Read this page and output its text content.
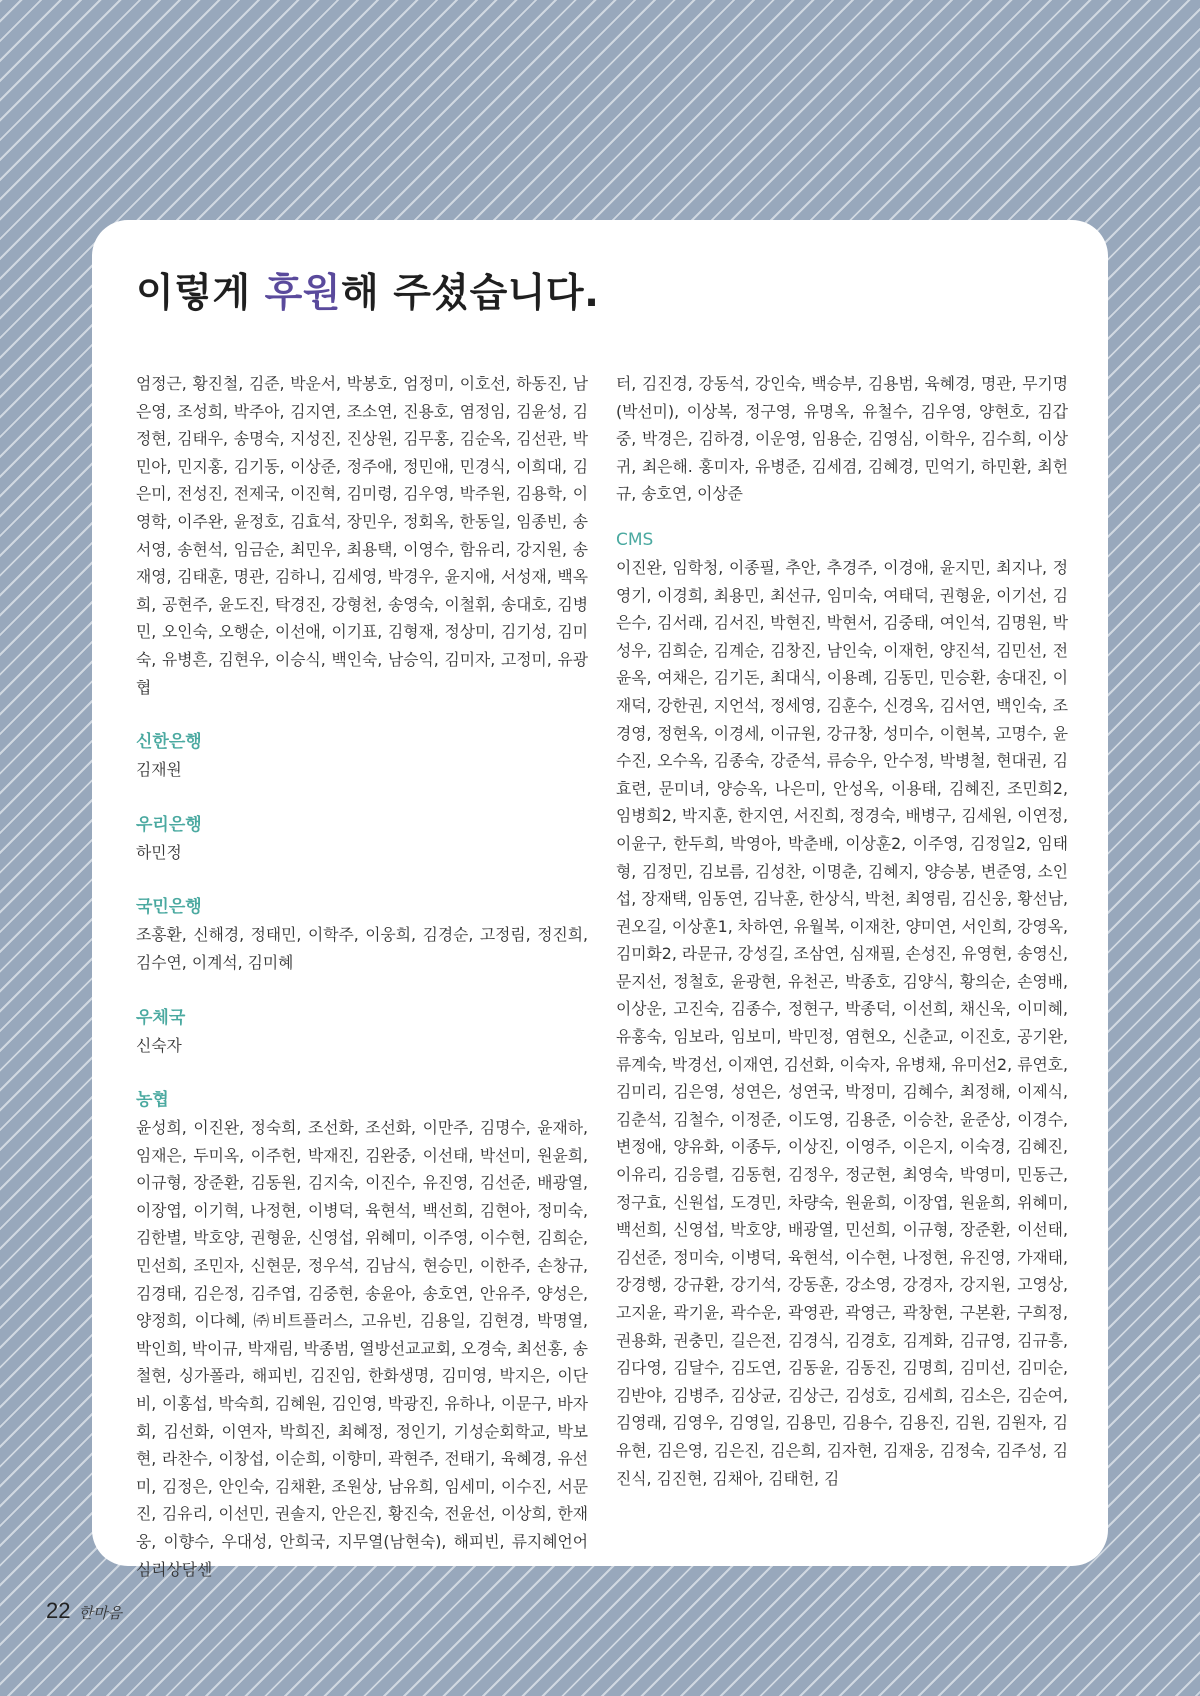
이렇게 후원해 주셨습니다.

엄정근, 황진철, 김준, 박운서, 박봉호, 엄정미, 이호선, 하동진, 남은영, 조성희, 박주아, 김지연, 조소연, 진용호, 염정임, 김윤성, 김정현, 김태우, 송명숙, 지성진, 진상원, 김무홍, 김순옥, 김선관, 박민아, 민지홍, 김기동, 이상준, 정주애, 정민애, 민경식, 이희대, 김은미, 전성진, 전제국, 이진혁, 김미령, 김우영, 박주원, 김용학, 이영학, 이주완, 윤정호, 김효석, 장민우, 정회옥, 한동일, 임종빈, 송서영, 송현석, 임금순, 최민우, 최용택, 이영수, 함유리, 강지원, 송재영, 김태훈, 명관, 김하니, 김세영, 박경우, 윤지애, 서성재, 백옥희, 공현주, 윤도진, 탁경진, 강형천, 송영숙, 이철휘, 송대호, 김병민, 오인숙, 오행순, 이선애, 이기표, 김형재, 정상미, 김기성, 김미숙, 유병흔, 김현우, 이승식, 백인숙, 남승익, 김미자, 고정미, 유광협

신한은행

김재원

우리은행

하민정

국민은행

조홍환, 신해경, 정태민, 이학주, 이웅희, 김경순, 고정림, 정진희, 김수연, 이계석, 김미혜

우체국

신숙자

농협

윤성희, 이진완, 정숙희, 조선화, 조선화, 이만주, 김명수, 윤재하, 임재은, 두미옥, 이주헌, 박재진, 김완중, 이선태, 박선미, 원윤희, 이규형, 장준환, 김동원, 김지숙, 이진수, 유진영, 김선준, 배광열, 이장엽, 이기혁, 나정현, 이병덕, 육현석, 백선희, 김현아, 정미숙, 김한별, 박호양, 권형윤, 신영섭, 위혜미, 이주영, 이수현, 김희순, 민선희, 조민자, 신현문, 정우석, 김남식, 현승민, 이한주, 손창규, 김경태, 김은정, 김주엽, 김중현, 송윤아, 송호연, 안유주, 양성은, 양정희, 이다혜, ㈜비트플러스, 고유빈, 김용일, 김현경, 박명열, 박인희, 박이규, 박재림, 박종범, 열방선교교회, 오경숙, 최선홍, 송철현, 싱가폴라, 해피빈, 김진임, 한화생명, 김미영, 박지은, 이단비, 이홍섭, 박숙희, 김혜원, 김인영, 박광진, 유하나, 이문구, 바자회, 김선화, 이연자, 박희진, 최혜정, 정인기, 기성순회학교, 박보현, 라찬수, 이창섭, 이순희, 이향미, 곽현주, 전태기, 육혜경, 유선미, 김정은, 안인숙, 김채환, 조원상, 남유희, 임세미, 이수진, 서문진, 김유리, 이선민, 권솔지, 안은진, 황진숙, 전윤선, 이상희, 한재웅, 이향수, 우대성, 안희국, 지무열(남현숙), 해피빈, 류지혜언어심리상담센

터, 김진경, 강동석, 강인숙, 백승부, 김용범, 육혜경, 명관, 무기명(박선미), 이상복, 정구영, 유명옥, 유철수, 김우영, 양현호, 김갑중, 박경은, 김하경, 이운영, 임용순, 김영심, 이학우, 김수희, 이상귀, 최은해. 홍미자, 유병준, 김세겸, 김혜경, 민억기, 하민환, 최헌규, 송호연, 이상준

CMS

이진완, 임학청, 이종필, 추안, 추경주, 이경애, 윤지민, 최지나, 정영기, 이경희, 최용민, 최선규, 임미숙, 여태덕, 권형윤, 이기선, 김은수, 김서래, 김서진, 박현진, 박현서, 김중태, 여인석, 김명원, 박성우, 김희순, 김계순, 김창진, 남인숙, 이재헌, 양진석, 김민선, 전윤옥, 여채은, 김기돈, 최대식, 이용례, 김동민, 민승환, 송대진, 이재덕, 강한권, 지언석, 정세영, 김훈수, 신경옥, 김서연, 백인숙, 조경영, 정현옥, 이경세, 이규원, 강규창, 성미수, 이현복, 고명수, 윤수진, 오수옥, 김종숙, 강준석, 류승우, 안수정, 박병철, 현대권, 김효련, 문미녀, 양승옥, 나은미, 안성옥, 이용태, 김혜진, 조민희2, 임병희2, 박지훈, 한지연, 서진희, 정경숙, 배병구, 김세원, 이연정, 이윤구, 한두희, 박영아, 박춘배, 이상훈2, 이주영, 김정일2, 임태형, 김정민, 김보름, 김성찬, 이명춘, 김혜지, 양승봉, 변준영, 소인섭, 장재택, 임동연, 김낙훈, 한상식, 박천, 최영림, 김신웅, 황선남, 권오길, 이상훈1, 차하연, 유월복, 이재찬, 양미연, 서인희, 강영옥, 김미화2, 라문규, 강성길, 조삼연, 심재필, 손성진, 유영현, 송영신, 문지선, 정철호, 윤광현, 유천곤, 박종호, 김양식, 황의순, 손영배, 이상운, 고진숙, 김종수, 정현구, 박종덕, 이선희, 채신욱, 이미혜, 유홍숙, 임보라, 임보미, 박민정, 염현오, 신춘교, 이진호, 공기완, 류계숙, 박경선, 이재연, 김선화, 이숙자, 유병채, 유미선2, 류연호, 김미리, 김은영, 성연은, 성연국, 박정미, 김혜수, 최정해, 이제식, 김춘석, 김철수, 이정준, 이도영, 김용준, 이승찬, 윤준상, 이경수, 변정애, 양유화, 이종두, 이상진, 이영주, 이은지, 이숙경, 김혜진, 이유리, 김응렬, 김동현, 김정우, 정군현, 최영숙, 박영미, 민동근, 정구효, 신원섭, 도경민, 차량숙, 원윤희, 이장엽, 원윤희, 위혜미, 백선희, 신영섭, 박호양, 배광열, 민선희, 이규형, 장준환, 이선태, 김선준, 정미숙, 이병덕, 육현석, 이수현, 나정현, 유진영, 가재태, 강경행, 강규환, 강기석, 강동훈, 강소영, 강경자, 강지원, 고영상, 고지윤, 곽기윤, 곽수운, 곽영관, 곽영근, 곽창현, 구본환, 구희정, 권용화, 권충민, 길은전, 김경식, 김경호, 김계화, 김규영, 김규흥, 김다영, 김달수, 김도연, 김동윤, 김동진, 김명희, 김미선, 김미순, 김반야, 김병주, 김상균, 김상근, 김성호, 김세희, 김소은, 김순여, 김영래, 김영우, 김영일, 김용민, 김용수, 김용진, 김원, 김원자, 김유현, 김은영, 김은진, 김은희, 김자현, 김재웅, 김정숙, 김주성, 김진식, 김진현, 김채아, 김태헌, 김

22 한마음
